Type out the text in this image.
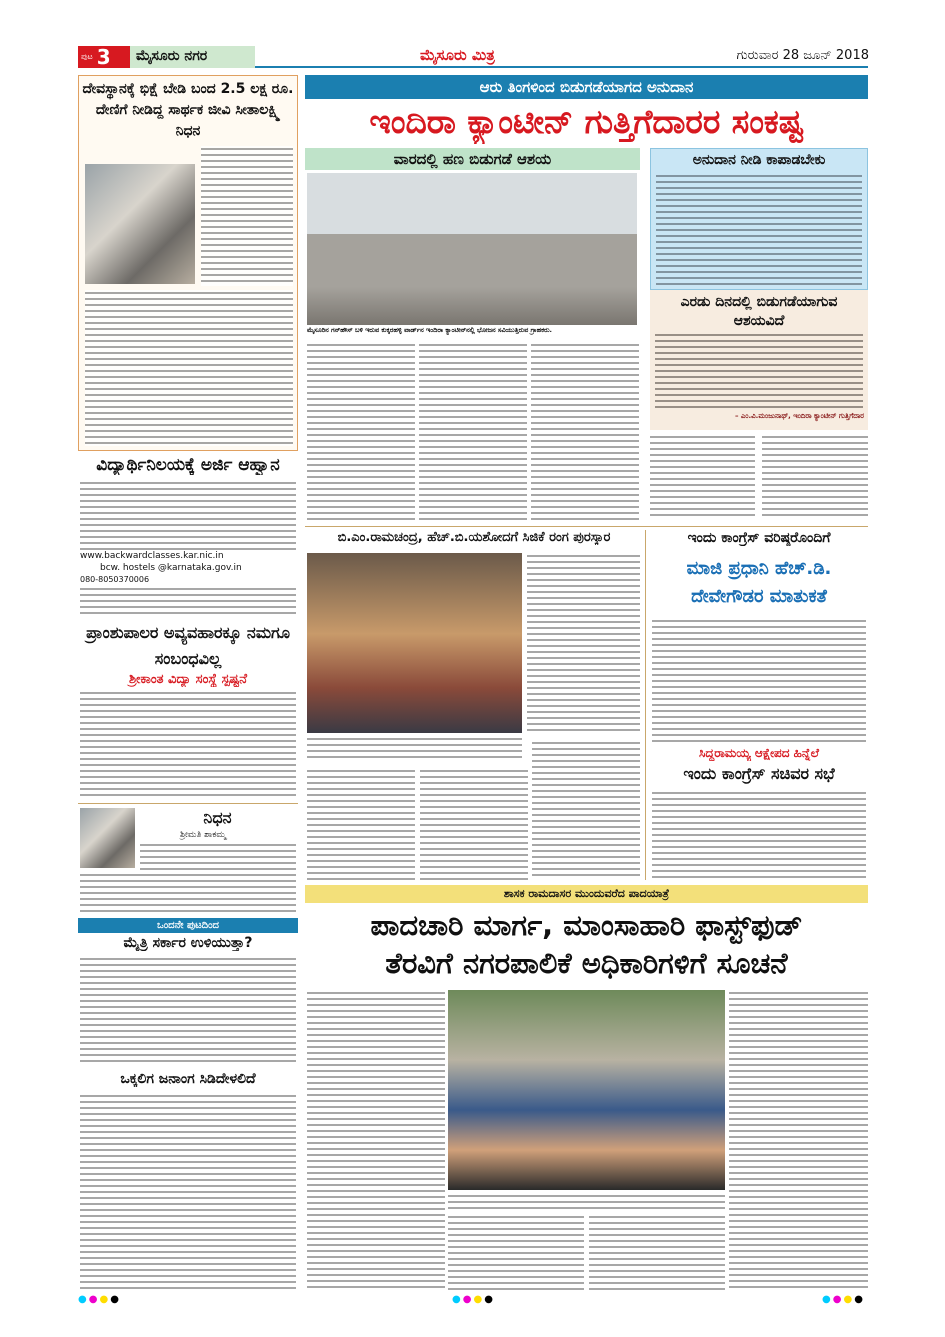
ಪುಟ 3	ಮೈಸೂರು ನಗರ	ಮೈಸೂರು ಮಿತ್ರ	ಗುರುವಾರ 28 ಜೂನ್ 2018
ದೇವಸ್ಥಾನಕ್ಕೆ ಭಿಕ್ಷೆ ಬೇಡಿ ಬಂದ 2.5 ಲಕ್ಷ ರೂ. ದೇಣಿಗೆ ನೀಡಿದ್ದ ಸಾರ್ಥಕ ಜೀವಿ ಸೀತಾಲಕ್ಷ್ಮಿ ನಿಧನ
ವಿದ್ಯಾರ್ಥಿನಿಲಯಕ್ಕೆ ಅರ್ಜಿ ಆಹ್ವಾನ
www.backwardclasses.kar.nic.in
bcw. hostels @karnataka.gov.in
080-8050370006
ಪ್ರಾಂಶುಪಾಲರ ಅವ್ಯವಹಾರಕ್ಕೂ ನಮಗೂ ಸಂಬಂಧವಿಲ್ಲ
ಶ್ರೀಕಾಂತ ವಿದ್ಯಾ ಸಂಸ್ಥೆ ಸ್ಪಷ್ಟನೆ
ನಿಧನ
ಶ್ರೀಮತಿ ಶಾಕಮ್ಮ
ಒಂದನೇ ಪುಟದಿಂದ
ಮೈತ್ರಿ ಸರ್ಕಾರ ಉಳಿಯುತ್ತಾ?
ಒಕ್ಕಲಿಗ ಜನಾಂಗ ಸಿಡಿದೇಳಲಿದೆ
ಆರು ತಿಂಗಳಿಂದ ಬಿಡುಗಡೆಯಾಗದ ಅನುದಾನ
ಇಂದಿರಾ ಕ್ಯಾಂಟೀನ್ ಗುತ್ತಿಗೆದಾರರ ಸಂಕಷ್ಟ
ವಾರದಲ್ಲಿ ಹಣ ಬಿಡುಗಡೆ ಆಶಯ
ಮೈಸೂರಿನ ಗನ್‌ಹೌಸ್ ಬಳಿ ಇರುವ ಕುಕ್ಕರಹಳ್ಳಿ ವಾರ್ಡ್‌ನ ಇಂದಿರಾ ಕ್ಯಾಂಟೀನ್‌ನಲ್ಲಿ ಭೋಜನ ಸವಿಯುತ್ತಿರುವ ಗ್ರಾಹಕರು.
ಅನುದಾನ ನೀಡಿ ಕಾಪಾಡಬೇಕು
ಎರಡು ದಿನದಲ್ಲಿ ಬಿಡುಗಡೆಯಾಗುವ ಆಶಯವಿದೆ
– ಎಂ.ವಿ.ಮಂಜುನಾಥ್, ಇಂದಿರಾ ಕ್ಯಾಂಟೀನ್ ಗುತ್ತಿಗೆದಾರ
ಬಿ.ಎಂ.ರಾಮಚಂದ್ರ, ಹೆಚ್.ಬಿ.ಯಶೋದಗೆ ಸಿಜಿಕೆ ರಂಗ ಪುರಸ್ಕಾರ	ಇಂದು ಕಾಂಗ್ರೆಸ್ ವರಿಷ್ಠರೊಂದಿಗೆ
ಮಾಜಿ ಪ್ರಧಾನಿ ಹೆಚ್.ಡಿ. ದೇವೇಗೌಡರ ಮಾತುಕತೆ
ಸಿದ್ದರಾಮಯ್ಯ ಆಕ್ಷೇಪದ ಹಿನ್ನೆಲೆ
ಇಂದು ಕಾಂಗ್ರೆಸ್ ಸಚಿವರ ಸಭೆ
ಶಾಸಕ ರಾಮದಾಸರ ಮುಂದುವರೆದ ಪಾದಯಾತ್ರೆ
ಪಾದಚಾರಿ ಮಾರ್ಗ, ಮಾಂಸಾಹಾರಿ ಫಾಸ್ಟ್‌ಫುಡ್
ತೆರವಿಗೆ ನಗರಪಾಲಿಕೆ ಅಧಿಕಾರಿಗಳಿಗೆ ಸೂಚನೆ
●●●●	●●●●	●●●●
